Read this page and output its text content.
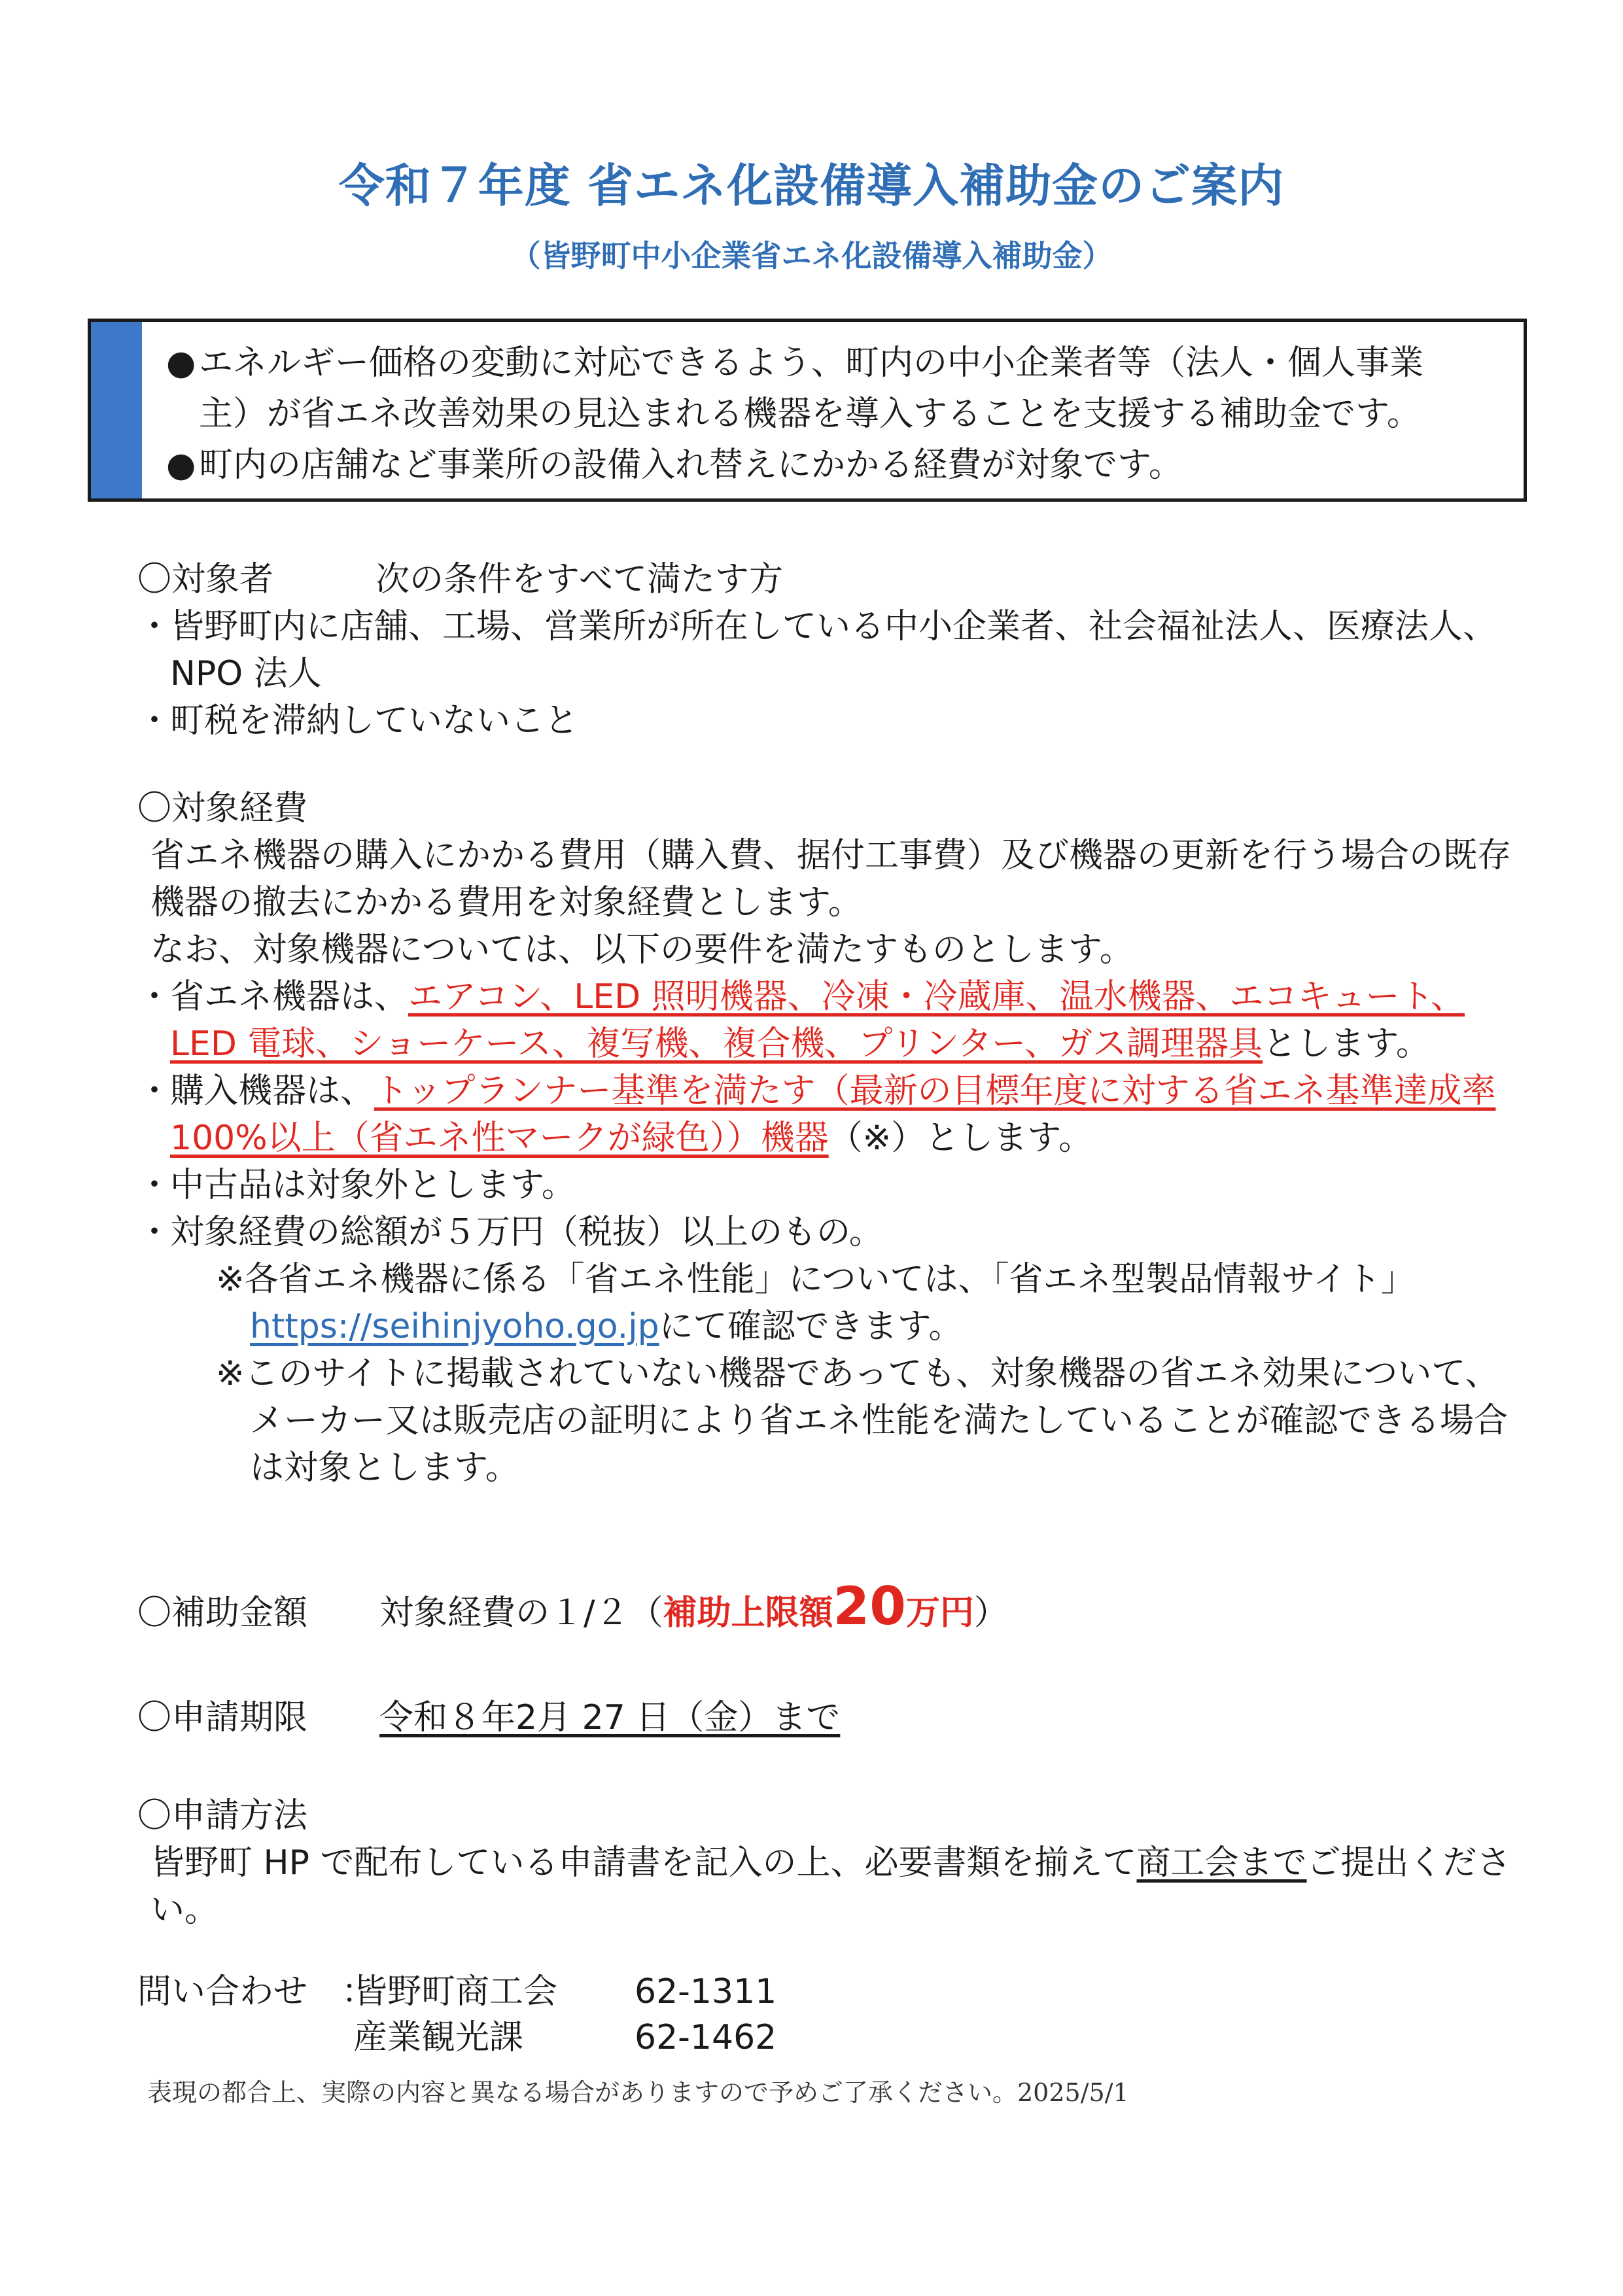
令和７年度 省エネ化設備導入補助金のご案内
（皆野町中小企業省エネ化設備導入補助金）
● エネルギー価格の変動に対応できるよう、町内の中小企業者等（法人・個人事業
主）が省エネ改善効果の見込まれる機器を導入することを支援する補助金です。
● 町内の店舗など事業所の設備入れ替えにかかる経費が対象です。
〇対象者　　　次の条件をすべて満たす方
・
皆野町内に店舗、工場、営業所が所在している中小企業者、社会福祉法人、医療法人、NPO 法人
・
町税を滞納していないこと
〇対象経費
省エネ機器の購入にかかる費用（購入費、据付工事費）及び機器の更新を行う場合の既存機器の撤去にかかる費用を対象経費とします。
なお、対象機器については、以下の要件を満たすものとします。
・
省エネ機器は、エアコン、LED 照明機器、冷凍・冷蔵庫、温水機器、エコキュート、LED 電球、ショーケース、複写機、複合機、プリンター、ガス調理器具とします。
・
購入機器は、トップランナー基準を満たす（最新の目標年度に対する省エネ基準達成率 100%以上（省エネ性マークが緑色））機器（※）とします。
・
中古品は対象外とします。
・
対象経費の総額が５万円（税抜）以上のもの。
※各省エネ機器に係る「省エネ性能」については、「省エネ型製品情報サイト」
https://seihinjyoho.go.jpにて確認できます。
※このサイトに掲載されていない機器であっても、対象機器の省エネ効果について、メーカー又は販売店の証明により省エネ性能を満たしていることが確認できる場合は対象とします。
〇補助金額 対象経費の１/２（補助上限額20万円）
〇申請期限 令和８年2月 27 日（金）まで
〇申請方法
皆野町 HP で配布している申請書を記入の上、必要書類を揃えて商工会までご提出ください。
問い合わせ　：
皆野町商工会	62-1311
産業観光課	62-1462
表現の都合上、実際の内容と異なる場合がありますので予めご了承ください。2025/5/1
